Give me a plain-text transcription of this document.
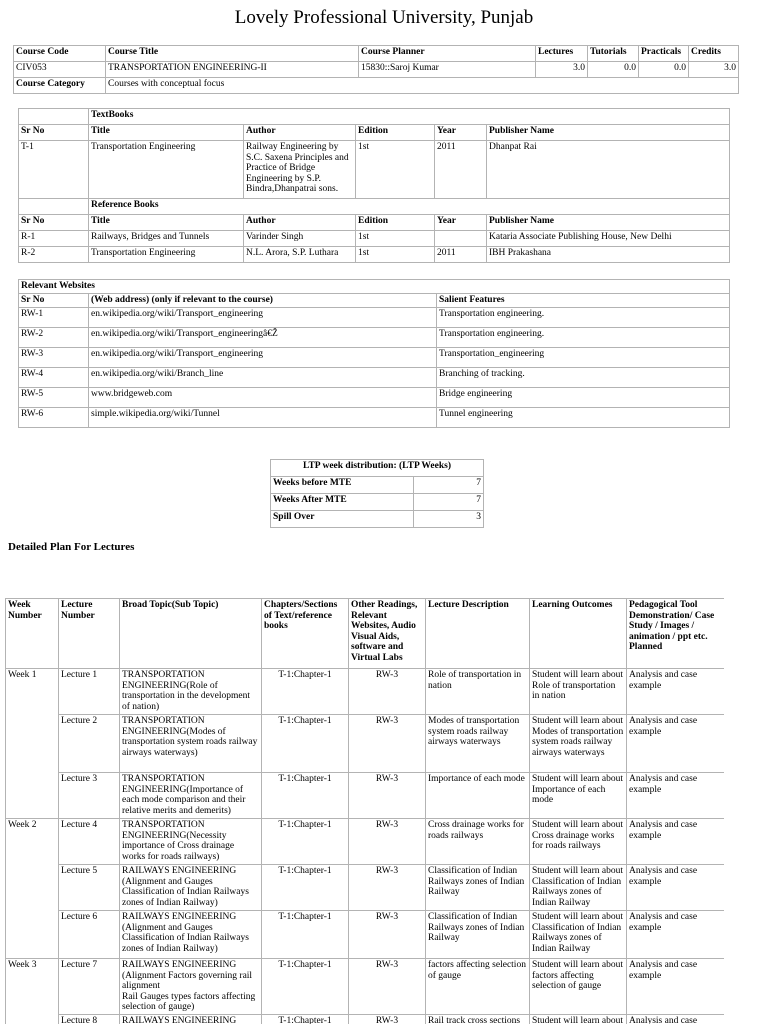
Lovely Professional University, Punjab
Course Code	Course Title	Course Planner	Lectures	Tutorials	Practicals	Credits
CIV053	TRANSPORTATION ENGINEERING-II	15830::Saroj Kumar	3.0	0.0	0.0	3.0
Course Category	Courses with conceptual focus					
	TextBooks				
Sr No	Title	Author	Edition	Year	Publisher Name
T-1	Transportation Engineering	Railway Engineering by S.C. Saxena Principles and Practice of Bridge Engineering by S.P. Bindra,Dhanpatrai sons.	1st	2011	Dhanpat Rai
	Reference Books				
Sr No	Title	Author	Edition	Year	Publisher Name
R-1	Railways, Bridges and Tunnels	Varinder Singh	1st		Kataria Associate Publishing House, New Delhi
R-2	Transportation Engineering	N.L. Arora, S.P. Luthara	1st	2011	IBH Prakashana
Relevant Websites		
Sr No	(Web address) (only if relevant to the course)	Salient Features
RW-1	en.wikipedia.org/wiki/Transport_engineering	Transportation engineering.
RW-2	en.wikipedia.org/wiki/Transport_engineeringâ€Ž	Transportation engineering.
RW-3	en.wikipedia.org/wiki/Transport_engineering	Transportation_engineering
RW-4	en.wikipedia.org/wiki/Branch_line	Branching of tracking.
RW-5	www.bridgeweb.com	Bridge engineering
RW-6	simple.wikipedia.org/wiki/Tunnel	Tunnel engineering
LTP week distribution: (LTP Weeks)	
Weeks before MTE	7
Weeks After MTE	7
Spill Over	3
Detailed Plan For Lectures
Week Number	Lecture Number	Broad Topic(Sub Topic)	Chapters/Sections of Text/reference books	Other Readings, Relevant Websites, Audio Visual Aids, software and Virtual Labs	Lecture Description	Learning Outcomes	Pedagogical Tool Demonstration/ Case Study / Images / animation / ppt etc. Planned
Week 1	Lecture 1	TRANSPORTATION ENGINEERING(Role of transportation in the development of nation)	T-1:Chapter-1	RW-3	Role of transportation in nation	Student will learn about Role of transportation in nation	Analysis and case example
	Lecture 2	TRANSPORTATION ENGINEERING(Modes of transportation system roads railway
airways waterways)	T-1:Chapter-1	RW-3	Modes of transportation system roads railway airways waterways	Student will learn about Modes of transportation system roads railway airways waterways	Analysis and case example
	Lecture 3	TRANSPORTATION ENGINEERING(Importance of each mode comparison and their relative merits and demerits)	T-1:Chapter-1	RW-3	Importance of each mode	Student will learn about Importance of each mode	Analysis and case example
Week 2	Lecture 4	TRANSPORTATION ENGINEERING(Necessity importance of Cross drainage works for roads railways)	T-1:Chapter-1	RW-3	Cross drainage works for roads railways	Student will learn about Cross drainage works for roads railways	Analysis and case example
	Lecture 5	RAILWAYS ENGINEERING (Alignment and Gauges Classification of Indian Railways zones of Indian Railway)	T-1:Chapter-1	RW-3	Classification of Indian Railways zones of Indian Railway	Student will learn about Classification of Indian Railways zones of Indian Railway	Analysis and case example
	Lecture 6	RAILWAYS ENGINEERING (Alignment and Gauges Classification of Indian Railways zones of Indian Railway)	T-1:Chapter-1	RW-3	Classification of Indian Railways zones of Indian Railway	Student will learn about Classification of Indian Railways zones of Indian Railway	Analysis and case example
Week 3	Lecture 7	RAILWAYS ENGINEERING (Alignment Factors governing rail alignment
Rail Gauges types factors affecting selection of gauge)	T-1:Chapter-1	RW-3	factors affecting selection of gauge	Student will learn about factors affecting selection of gauge	Analysis and case example
	Lecture 8	RAILWAYS ENGINEERING	T-1:Chapter-1	RW-3	Rail track cross sections	Student will learn about	Analysis and case
